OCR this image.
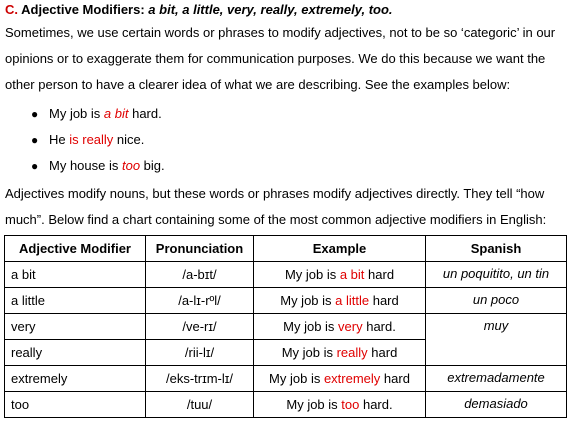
C. Adjective Modifiers: a bit, a little, very, really, extremely, too.

Sometimes, we use certain words or phrases to modify adjectives, not to be so ‘categoric’ in our
opinions or to exaggerate them for communication purposes. We do this because we want the
other person to have a clearer idea of what we are describing. See the examples below:

● My job is a bit hard.
● He is really nice.
● My house is too big.

Adjectives modify nouns, but these words or phrases modify adjectives directly. They tell “how
much”. Below find a chart containing some of the most common adjective modifiers in English:

Adjective Modifier	Pronunciation	Example	Spanish
a bit	/a-bɪt/	My job is a bit hard	un poquitito, un tin
a little	/a-lɪ-rºl/	My job is a little hard	un poco
very	/ve-rɪ/	My job is very hard.	muy
really	/rii-lɪ/	My job is really hard	
extremely	/eks-trɪm-lɪ/	My job is extremely hard	extremadamente
too	/tuu/	My job is too hard.	demasiado
